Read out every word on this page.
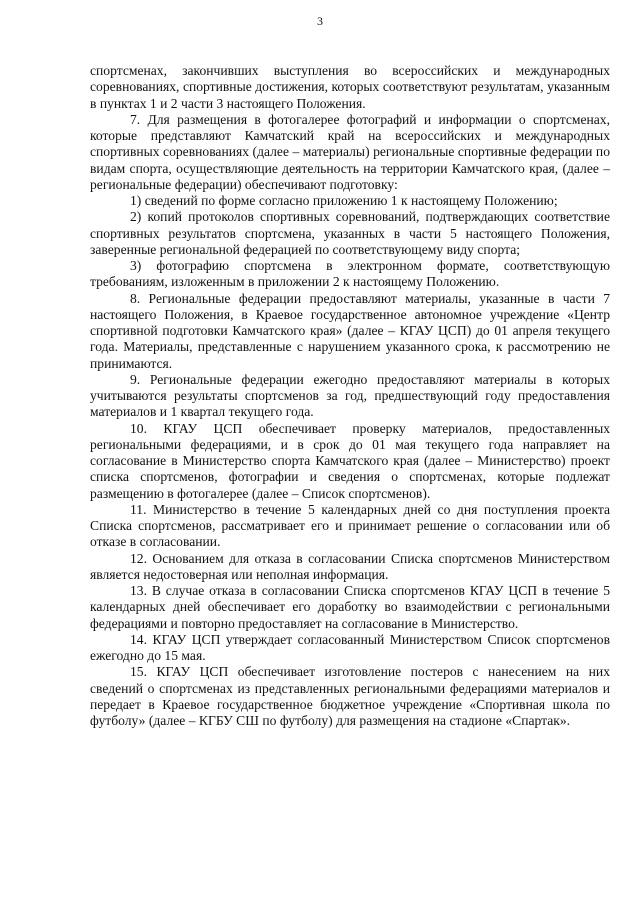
3

спортсменах, закончивших выступления во всероссийских и международных соревнованиях, спортивные достижения, которых соответствуют результатам, указанным в пунктах 1 и 2 части 3 настоящего Положения.

7. Для размещения в фотогалерее фотографий и информации о спортсменах, которые представляют Камчатский край на всероссийских и международных спортивных соревнованиях (далее – материалы) региональные спортивные федерации по видам спорта, осуществляющие деятельность на территории Камчатского края, (далее – региональные федерации) обеспечивают подготовку:

1) сведений по форме согласно приложению 1 к настоящему Положению;

2) копий протоколов спортивных соревнований, подтверждающих соответствие спортивных результатов спортсмена, указанных в части 5 настоящего Положения, заверенные региональной федерацией по соответствующему виду спорта;

3) фотографию спортсмена в электронном формате, соответствующую требованиям, изложенным в приложении 2 к настоящему Положению.

8. Региональные федерации предоставляют материалы, указанные в части 7 настоящего Положения, в Краевое государственное автономное учреждение «Центр спортивной подготовки Камчатского края» (далее – КГАУ ЦСП) до 01 апреля текущего года. Материалы, представленные с нарушением указанного срока, к рассмотрению не принимаются.

9. Региональные федерации ежегодно предоставляют материалы в которых учитываются результаты спортсменов за год, предшествующий году предоставления материалов и 1 квартал текущего года.

10. КГАУ ЦСП обеспечивает проверку материалов, предоставленных региональными федерациями, и в срок до 01 мая текущего года направляет на согласование в Министерство спорта Камчатского края (далее – Министерство) проект списка спортсменов, фотографии и сведения о спортсменах, которые подлежат размещению в фотогалерее (далее – Список спортсменов).

11. Министерство в течение 5 календарных дней со дня поступления проекта Списка спортсменов, рассматривает его и принимает решение о согласовании или об отказе в согласовании.

12. Основанием для отказа в согласовании Списка спортсменов Министерством является недостоверная или неполная информация.

13. В случае отказа в согласовании Списка спортсменов КГАУ ЦСП в течение 5 календарных дней обеспечивает его доработку во взаимодействии с региональными федерациями и повторно предоставляет на согласование в Министерство.

14. КГАУ ЦСП утверждает согласованный Министерством Список спортсменов ежегодно до 15 мая.

15. КГАУ ЦСП обеспечивает изготовление постеров с нанесением на них сведений о спортсменах из представленных региональными федерациями материалов и передает в Краевое государственное бюджетное учреждение «Спортивная школа по футболу» (далее – КГБУ СШ по футболу) для размещения на стадионе «Спартак».
